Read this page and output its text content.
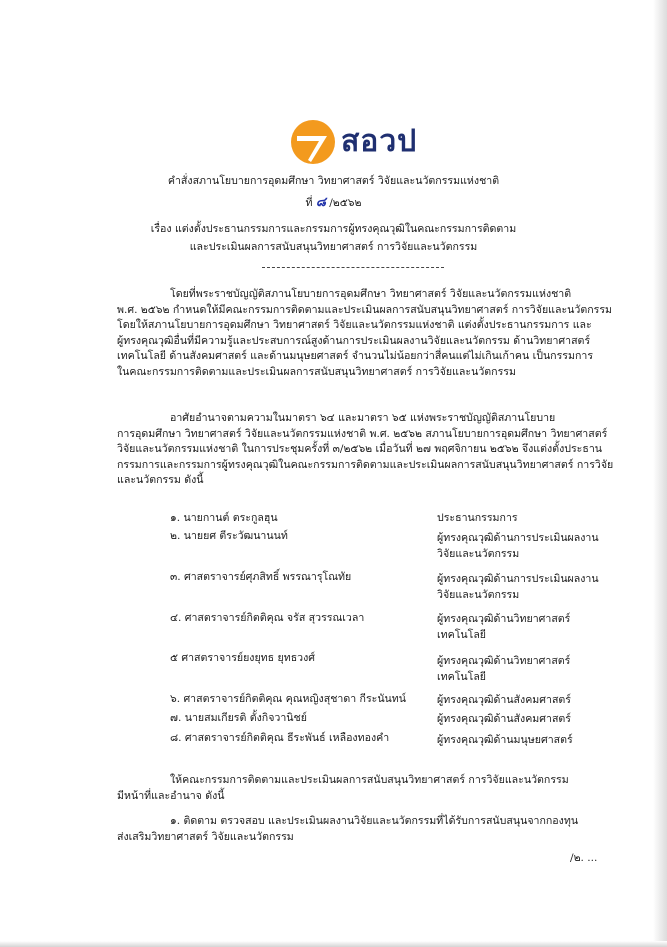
สอวป
คำสั่งสภานโยบายการอุดมศึกษา วิทยาศาสตร์ วิจัยและนวัตกรรมแห่งชาติ
ที่ ๘ /๒๕๖๒
เรื่อง แต่งตั้งประธานกรรมการและกรรมการผู้ทรงคุณวุฒิในคณะกรรมการติดตาม
และประเมินผลการสนับสนุนวิทยาศาสตร์ การวิจัยและนวัตกรรม

โดยที่พระราชบัญญัติสภานโยบายการอุดมศึกษา วิทยาศาสตร์ วิจัยและนวัตกรรมแห่งชาติ

พ.ศ. ๒๕๖๒ กำหนดให้มีคณะกรรมการติดตามและประเมินผลการสนับสนุนวิทยาศาสตร์ การวิจัยและนวัตกรรม

โดยให้สภานโยบายการอุดมศึกษา วิทยาศาสตร์ วิจัยและนวัตกรรมแห่งชาติ แต่งตั้งประธานกรรมการ และ

ผู้ทรงคุณวุฒิอื่นที่มีความรู้และประสบการณ์สูงด้านการประเมินผลงานวิจัยและนวัตกรรม ด้านวิทยาศาสตร์

เทคโนโลยี ด้านสังคมศาสตร์ และด้านมนุษยศาสตร์ จำนวนไม่น้อยกว่าสี่คนแต่ไม่เกินเก้าคน เป็นกรรมการ

ในคณะกรรมการติดตามและประเมินผลการสนับสนุนวิทยาศาสตร์ การวิจัยและนวัตกรรม

อาศัยอำนาจตามความในมาตรา ๖๔ และมาตรา ๖๕ แห่งพระราชบัญญัติสภานโยบาย

การอุดมศึกษา วิทยาศาสตร์ วิจัยและนวัตกรรมแห่งชาติ พ.ศ. ๒๕๖๒ สภานโยบายการอุดมศึกษา วิทยาศาสตร์

วิจัยและนวัตกรรมแห่งชาติ ในการประชุมครั้งที่ ๓/๒๕๖๒ เมื่อวันที่ ๒๗ พฤศจิกายน ๒๕๖๒ จึงแต่งตั้งประธาน

กรรมการและกรรมการผู้ทรงคุณวุฒิในคณะกรรมการติดตามและประเมินผลการสนับสนุนวิทยาศาสตร์ การวิจัย

และนวัตกรรม ดังนี้

๑. นายกานต์ ตระกูลฮุน	ประธานกรรมการ

๒. นายยศ ตีระวัฒนานนท์	ผู้ทรงคุณวุฒิด้านการประเมินผลงาน

วิจัยและนวัตกรรม

๓. ศาสตราจารย์ศุภสิทธิ์ พรรณารุโณทัย	ผู้ทรงคุณวุฒิด้านการประเมินผลงาน

วิจัยและนวัตกรรม

๔. ศาสตราจารย์กิตติคุณ จรัส สุวรรณเวลา	ผู้ทรงคุณวุฒิด้านวิทยาศาสตร์

เทคโนโลยี

๕ ศาสตราจารย์ยงยุทธ ยุทธวงศ์	ผู้ทรงคุณวุฒิด้านวิทยาศาสตร์

เทคโนโลยี

๖. ศาสตราจารย์กิตติคุณ คุณหญิงสุชาดา กีระนันทน์	ผู้ทรงคุณวุฒิด้านสังคมศาสตร์

๗. นายสมเกียรติ ตั้งกิจวานิชย์	ผู้ทรงคุณวุฒิด้านสังคมศาสตร์

๘. ศาสตราจารย์กิตติคุณ ธีระพันธ์ เหลืองทองคำ	ผู้ทรงคุณวุฒิด้านมนุษยศาสตร์

ให้คณะกรรมการติดตามและประเมินผลการสนับสนุนวิทยาศาสตร์ การวิจัยและนวัตกรรม

มีหน้าที่และอำนาจ ดังนี้

๑. ติดตาม ตรวจสอบ และประเมินผลงานวิจัยและนวัตกรรมที่ได้รับการสนับสนุนจากกองทุน

ส่งเสริมวิทยาศาสตร์ วิจัยและนวัตกรรม

/๒. ...
